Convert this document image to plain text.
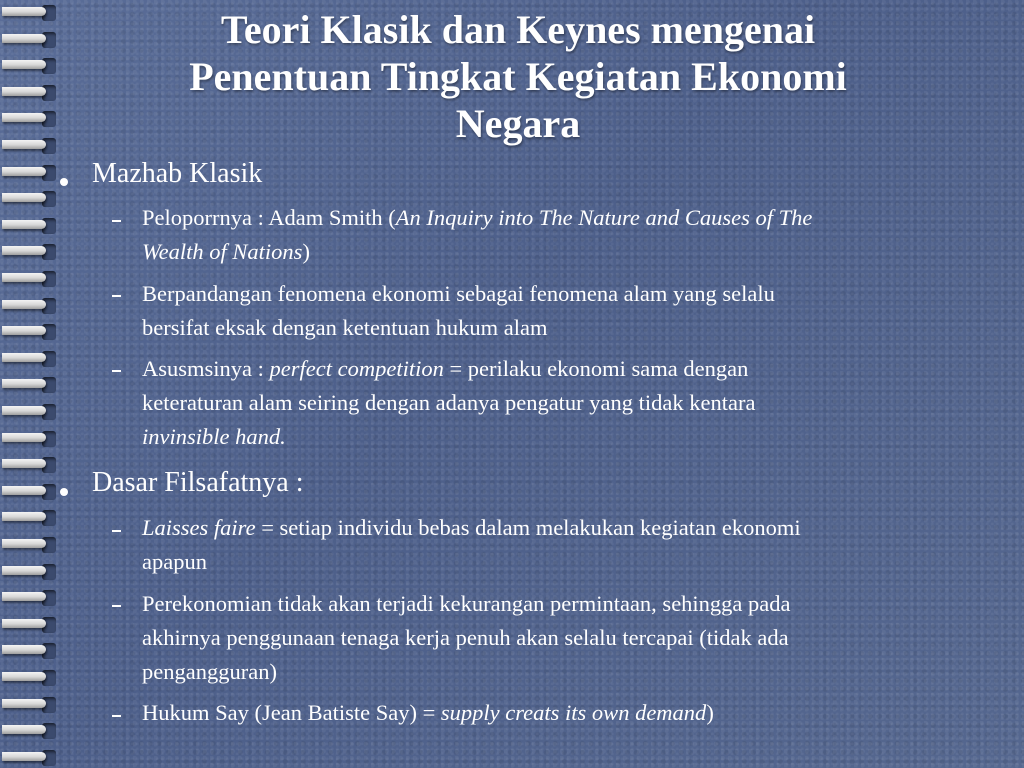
Teori Klasik dan Keynes mengenai
Penentuan Tingkat Kegiatan Ekonomi
Negara
Mazhab Klasik
Peloporrnya : Adam Smith (An Inquiry into The Nature and Causes of The
Wealth of Nations)
Berpandangan fenomena ekonomi sebagai fenomena alam yang selalu
bersifat eksak dengan ketentuan hukum alam
Asusmsinya : perfect competition = perilaku ekonomi sama dengan
keteraturan alam seiring dengan adanya pengatur yang tidak kentara
invinsible hand.
Dasar Filsafatnya :
Laisses faire = setiap individu bebas dalam melakukan kegiatan ekonomi
apapun
Perekonomian tidak akan terjadi kekurangan permintaan, sehingga pada
akhirnya penggunaan tenaga kerja penuh akan selalu tercapai (tidak ada
pengangguran)
Hukum Say (Jean Batiste Say) = supply creats its own demand)
